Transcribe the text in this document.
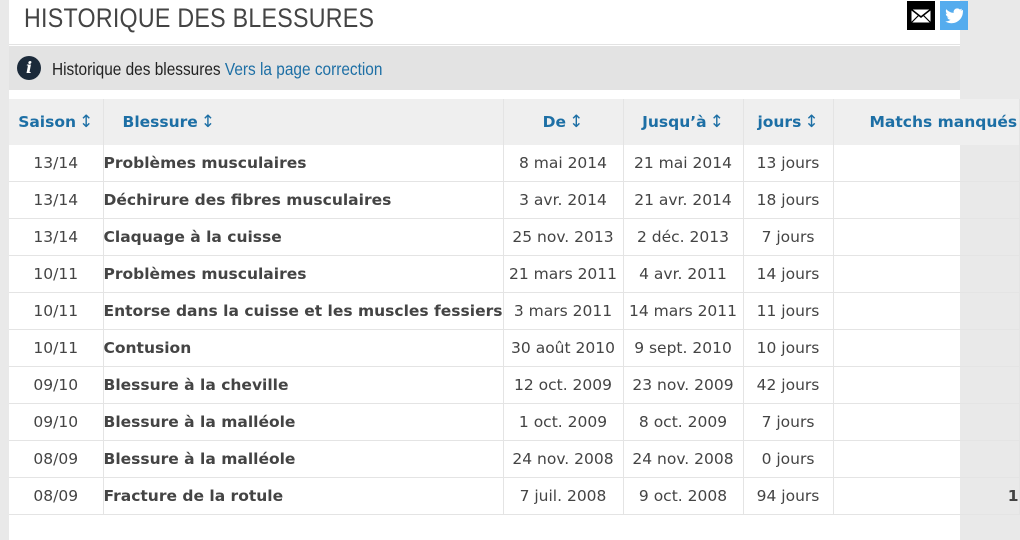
HISTORIQUE DES BLESSURES
i	Historique des blessures Vers la page correction
Saison ↕	Blessure ↕	De ↕	Jusqu’à ↕	jours ↕	Matchs manqués
13/14	Problèmes musculaires	8 mai 2014	21 mai 2014	13 jours	
13/14	Déchirure des fibres musculaires	3 avr. 2014	21 avr. 2014	18 jours	
13/14	Claquage à la cuisse	25 nov. 2013	2 déc. 2013	7 jours	
10/11	Problèmes musculaires	21 mars 2011	4 avr. 2011	14 jours	
10/11	Entorse dans la cuisse et les muscles fessiers	3 mars 2011	14 mars 2011	11 jours	
10/11	Contusion	30 août 2010	9 sept. 2010	10 jours	
09/10	Blessure à la cheville	12 oct. 2009	23 nov. 2009	42 jours	
09/10	Blessure à la malléole	1 oct. 2009	8 oct. 2009	7 jours	
08/09	Blessure à la malléole	24 nov. 2008	24 nov. 2008	0 jours	
08/09	Fracture de la rotule	7 juil. 2008	9 oct. 2008	94 jours	1
